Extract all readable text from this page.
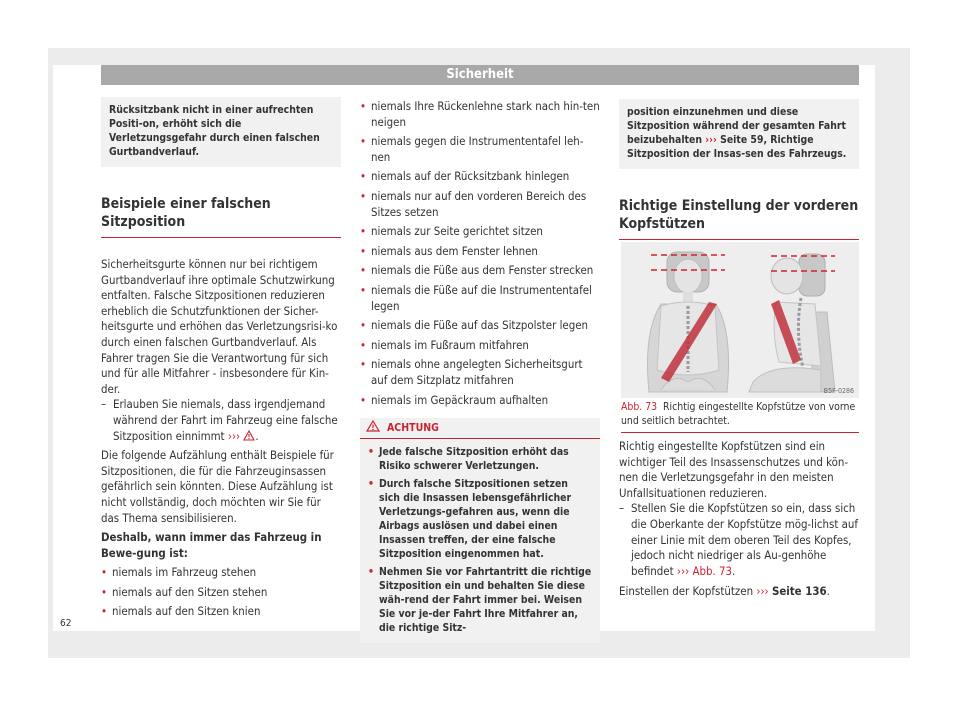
Sicherheit

Rücksitzbank nicht in einer aufrechten Positi-on, erhöht sich die Verletzungsgefahr durch einen falschen Gurtbandverlauf.

Beispiele einer falschen Sitzposition

Sicherheitsgurte können nur bei richtigem Gurtbandverlauf ihre optimale Schutzwirkung entfalten. Falsche Sitzpositionen reduzieren erheblich die Schutzfunktionen der Sicher-heitsgurte und erhöhen das Verletzungsrisi-ko durch einen falschen Gurtbandverlauf. Als Fahrer tragen Sie die Verantwortung für sich und für alle Mitfahrer - insbesondere für Kin-der.

– Erlauben Sie niemals, dass irgendjemand während der Fahrt im Fahrzeug eine falsche Sitzposition einnimmt ››› .

Die folgende Aufzählung enthält Beispiele für Sitzpositionen, die für die Fahrzeuginsassen gefährlich sein könnten. Diese Aufzählung ist nicht vollständig, doch möchten wir Sie für das Thema sensibilisieren.

Deshalb, wann immer das Fahrzeug in Bewe-gung ist:

• niemals im Fahrzeug stehen
• niemals auf den Sitzen stehen
• niemals auf den Sitzen knien
• niemals Ihre Rückenlehne stark nach hin-ten neigen
• niemals gegen die Instrumententafel leh-nen
• niemals auf der Rücksitzbank hinlegen
• niemals nur auf den vorderen Bereich des Sitzes setzen
• niemals zur Seite gerichtet sitzen
• niemals aus dem Fenster lehnen
• niemals die Füße aus dem Fenster strecken
• niemals die Füße auf die Instrumententafel legen
• niemals die Füße auf das Sitzpolster legen
• niemals im Fußraum mitfahren
• niemals ohne angelegten Sicherheitsgurt auf dem Sitzplatz mitfahren
• niemals im Gepäckraum aufhalten
ACHTUNG
• Jede falsche Sitzposition erhöht das Risiko schwerer Verletzungen.
• Durch falsche Sitzpositionen setzen sich die Insassen lebensgefährlicher Verletzungs-gefahren aus, wenn die Airbags auslösen und dabei einen Insassen treffen, der eine falsche Sitzposition eingenommen hat.
• Nehmen Sie vor Fahrtantritt die richtige Sitzposition ein und behalten Sie diese wäh-rend der Fahrt immer bei. Weisen Sie vor je-der Fahrt Ihre Mitfahrer an, die richtige Sitz-
position einzunehmen und diese Sitzposition während der gesamten Fahrt beizubehalten ››› Seite 59, Richtige Sitzposition der Insas-sen des Fahrzeugs.
Richtige Einstellung der vorderen Kopfstützen
B5F-0286
Abb. 73 Richtig eingestellte Kopfstütze von vorne und seitlich betrachtet.

Richtig eingestellte Kopfstützen sind ein wichtiger Teil des Insassenschutzes und kön-nen die Verletzungsgefahr in den meisten Unfallsituationen reduzieren.

– Stellen Sie die Kopfstützen so ein, dass sich die Oberkante der Kopfstütze mög-lichst auf einer Linie mit dem oberen Teil des Kopfes, jedoch nicht niedriger als Au-genhöhe befindet ››› Abb. 73.

Einstellen der Kopfstützen ››› Seite 136.

62
